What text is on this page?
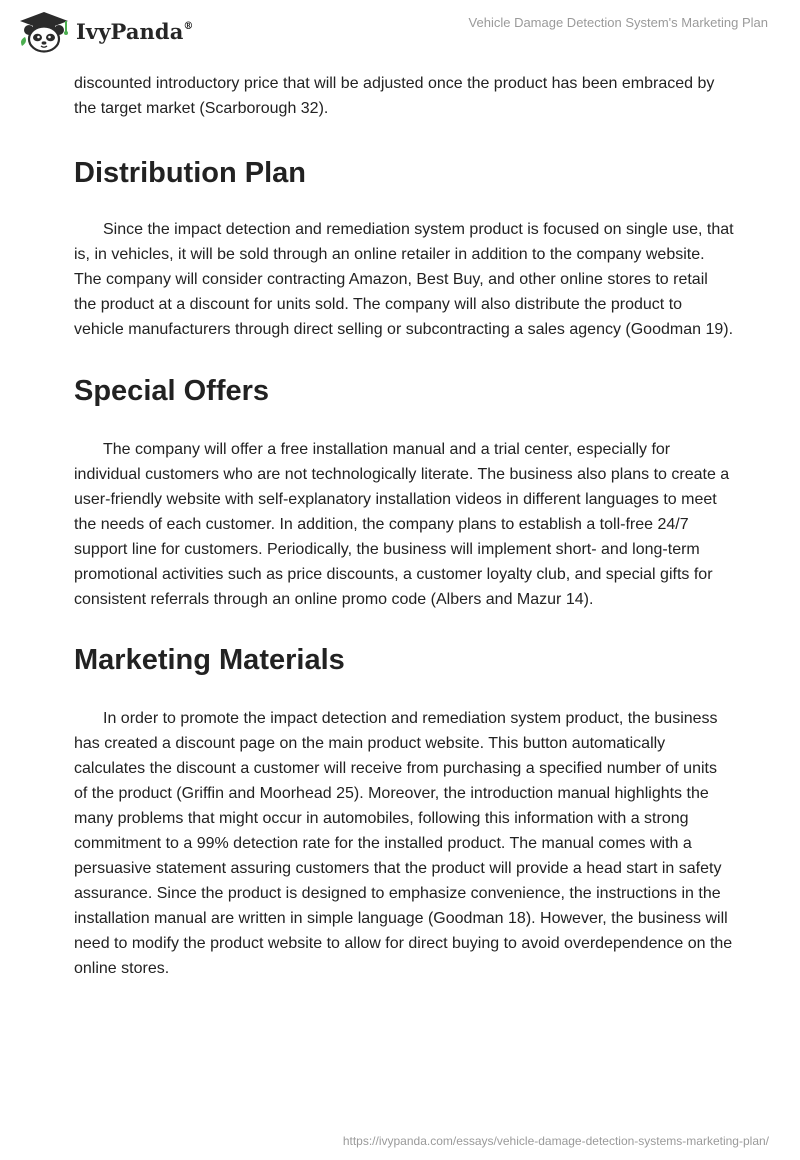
IvyPanda®	Vehicle Damage Detection System's Marketing Plan

discounted introductory price that will be adjusted once the product has been embraced by the target market (Scarborough 32).

Distribution Plan

Since the impact detection and remediation system product is focused on single use, that is, in vehicles, it will be sold through an online retailer in addition to the company website. The company will consider contracting Amazon, Best Buy, and other online stores to retail the product at a discount for units sold. The company will also distribute the product to vehicle manufacturers through direct selling or subcontracting a sales agency (Goodman 19).

Special Offers

The company will offer a free installation manual and a trial center, especially for individual customers who are not technologically literate. The business also plans to create a user-friendly website with self-explanatory installation videos in different languages to meet the needs of each customer. In addition, the company plans to establish a toll-free 24/7 support line for customers. Periodically, the business will implement short- and long-term promotional activities such as price discounts, a customer loyalty club, and special gifts for consistent referrals through an online promo code (Albers and Mazur 14).

Marketing Materials

In order to promote the impact detection and remediation system product, the business has created a discount page on the main product website. This button automatically calculates the discount a customer will receive from purchasing a specified number of units of the product (Griffin and Moorhead 25). Moreover, the introduction manual highlights the many problems that might occur in automobiles, following this information with a strong commitment to a 99% detection rate for the installed product. The manual comes with a persuasive statement assuring customers that the product will provide a head start in safety assurance. Since the product is designed to emphasize convenience, the instructions in the installation manual are written in simple language (Goodman 18). However, the business will need to modify the product website to allow for direct buying to avoid overdependence on the online stores.

https://ivypanda.com/essays/vehicle-damage-detection-systems-marketing-plan/
